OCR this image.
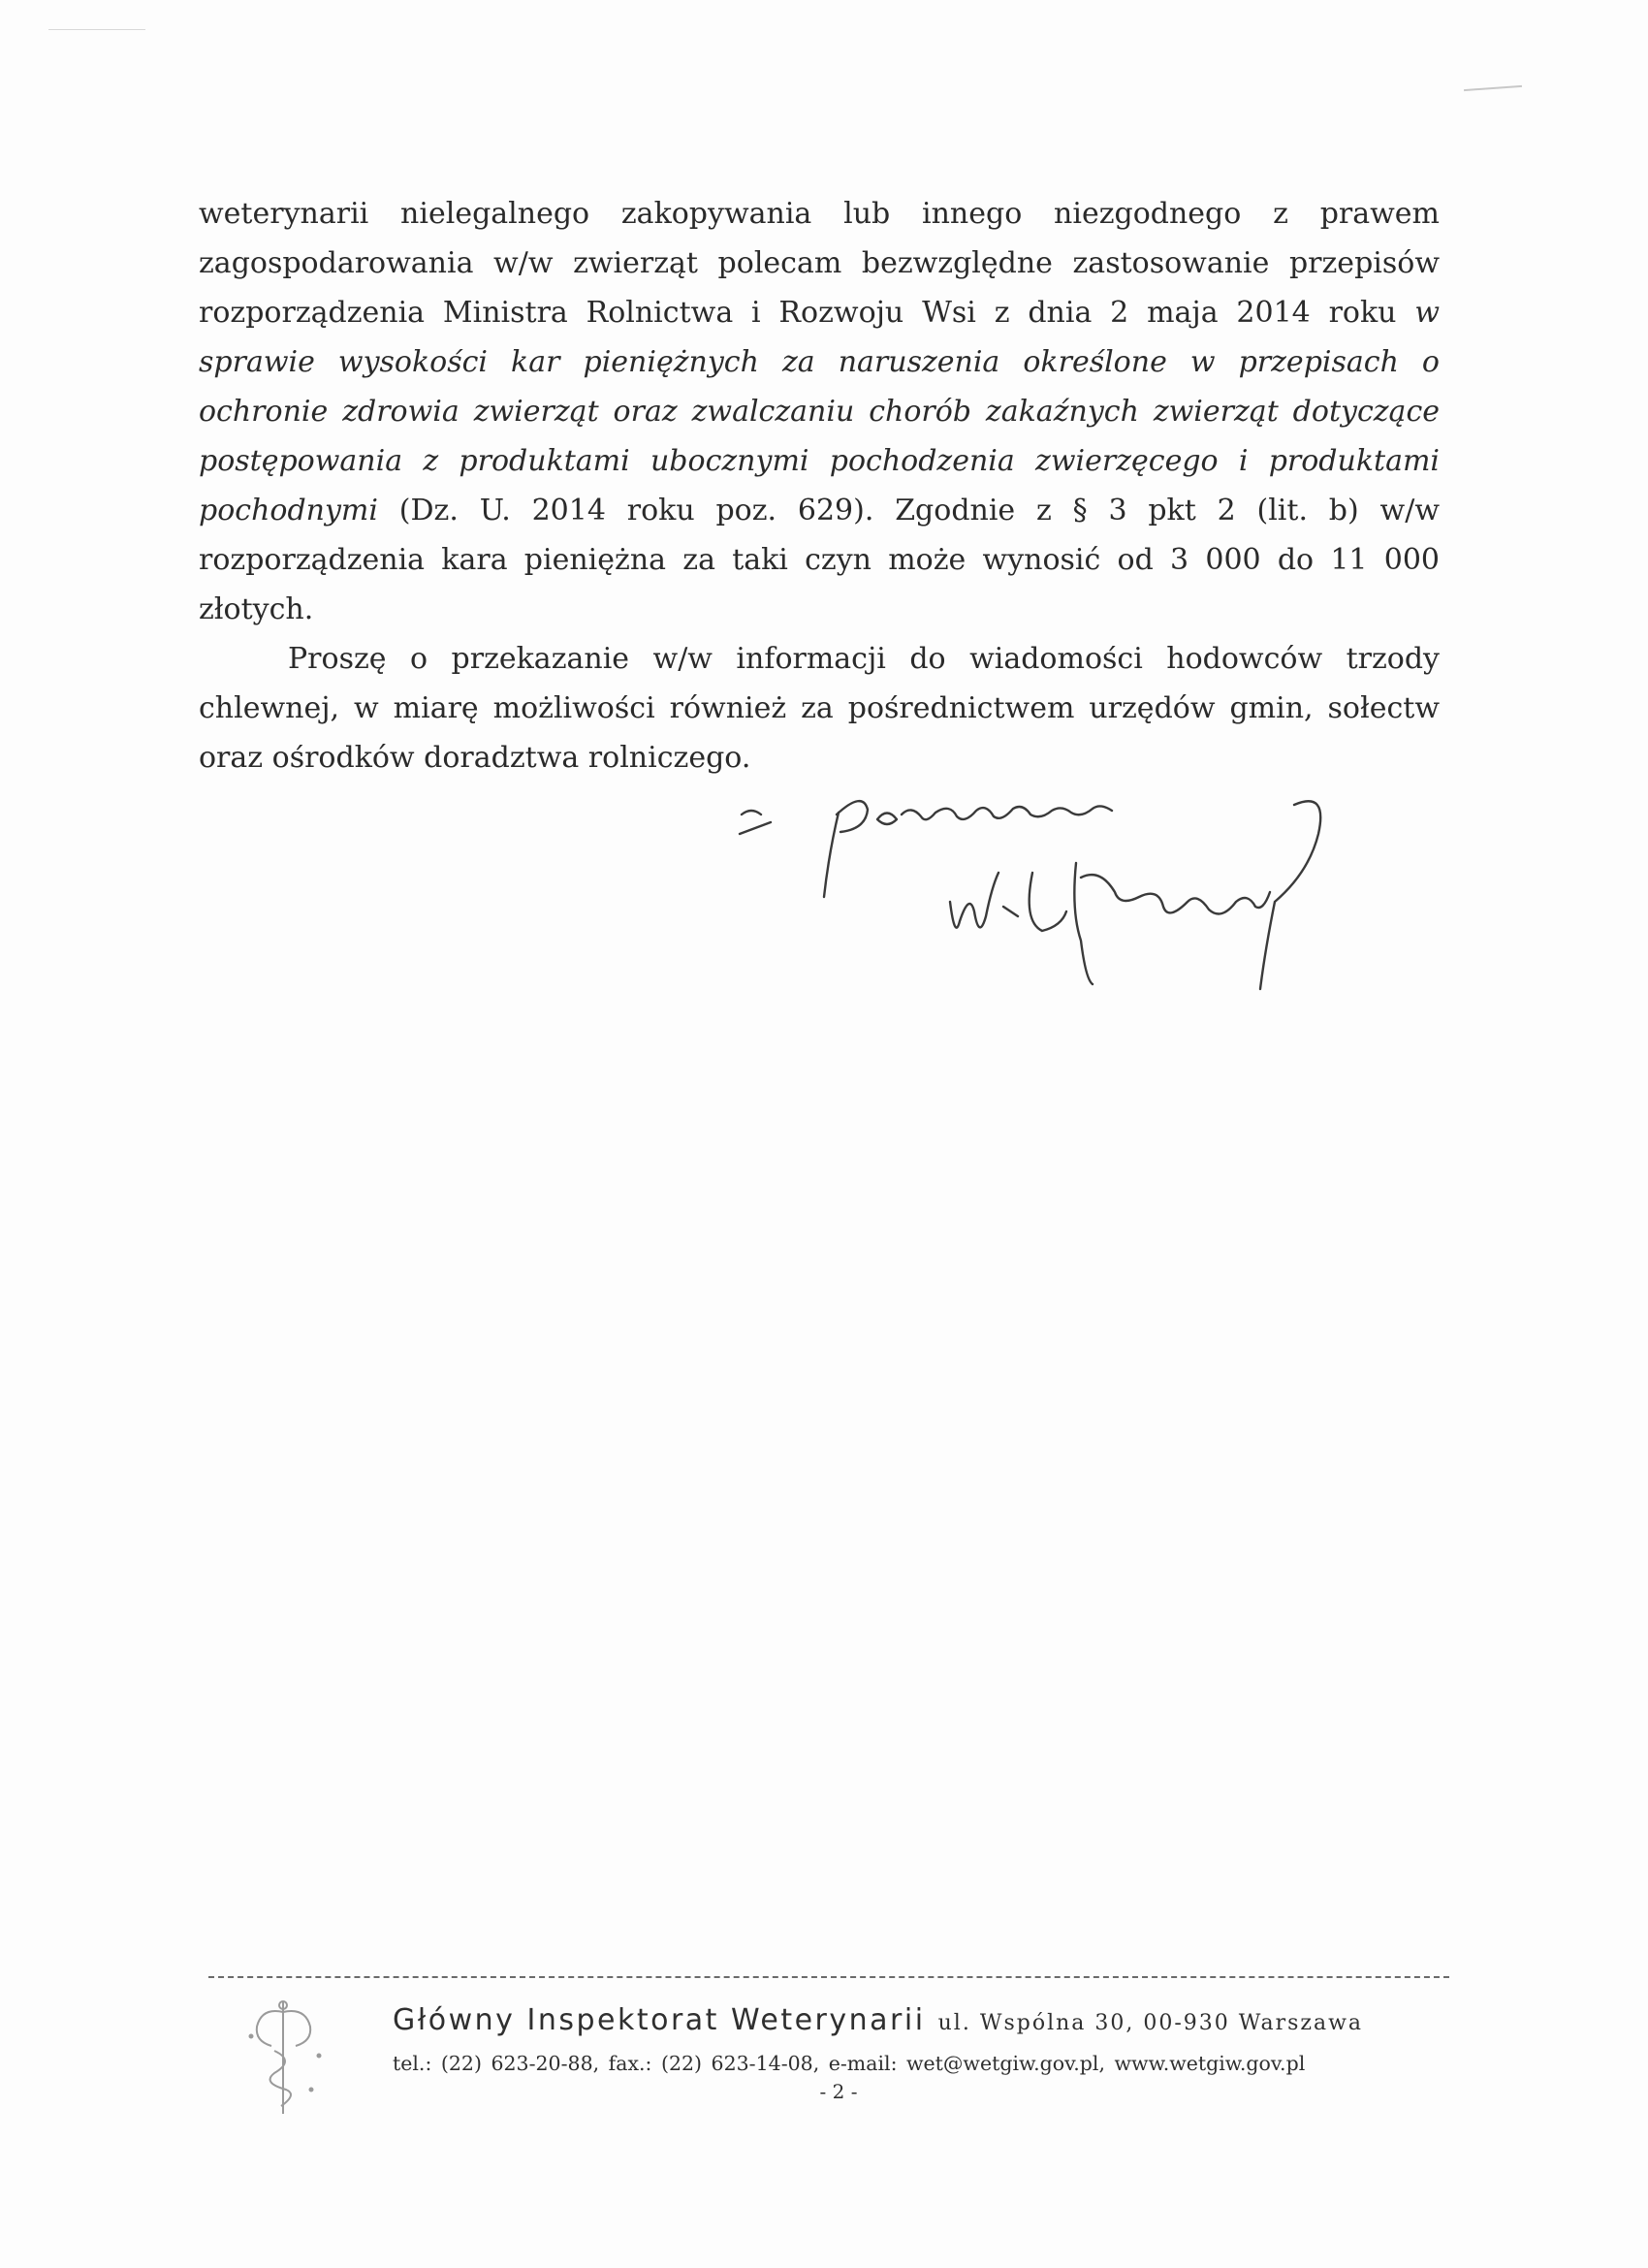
weterynarii nielegalnego zakopywania lub innego niezgodnego z prawem zagospodarowania w/w zwierząt polecam bezwzględne zastosowanie przepisów rozporządzenia Ministra Rolnictwa i Rozwoju Wsi z dnia 2 maja 2014 roku w sprawie wysokości kar pieniężnych za naruszenia określone w przepisach o ochronie zdrowia zwierząt oraz zwalczaniu chorób zakaźnych zwierząt dotyczące postępowania z produktami ubocznymi pochodzenia zwierzęcego i produktami pochodnymi (Dz. U. 2014 roku poz. 629). Zgodnie z § 3 pkt 2 (lit. b) w/w rozporządzenia kara pieniężna za taki czyn może wynosić od 3 000 do 11 000 złotych.

Proszę o przekazanie w/w informacji do wiadomości hodowców trzody chlewnej, w miarę możliwości również za pośrednictwem urzędów gmin, sołectw oraz ośrodków doradztwa rolniczego.

Główny Inspektorat Weterynarii ul. Wspólna 30, 00-930 Warszawa
tel.: (22) 623-20-88, fax.: (22) 623-14-08, e-mail: wet@wetgiw.gov.pl, www.wetgiw.gov.pl
- 2 -
